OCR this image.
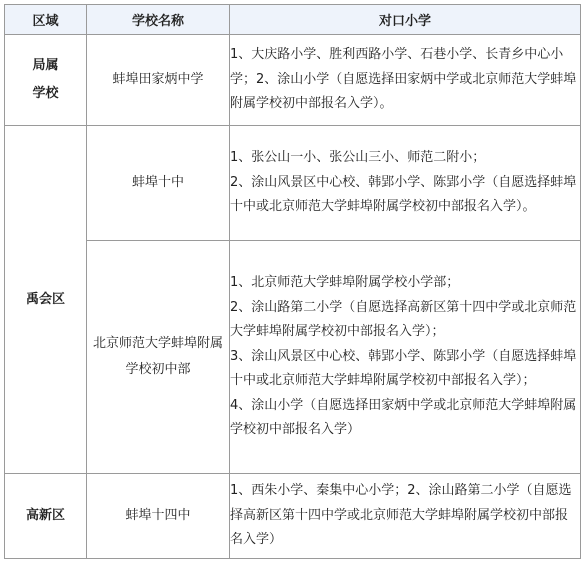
区域	学校名称	对口小学
局属
学校	蚌埠田家炳中学	1、大庆路小学、胜利西路小学、石巷小学、长青乡中心小学；2、涂山小学（自愿选择田家炳中学或北京师范大学蚌埠附属学校初中部报名入学）。

禹会区	蚌埠十中	1、张公山一小、张公山三小、师范二附小；

2、涂山风景区中心校、韩郢小学、陈郢小学（自愿选择蚌埠十中或北京师范大学蚌埠附属学校初中部报名入学）。

	北京师范大学蚌埠附属学校初中部	1、北京师范大学蚌埠附属学校小学部；

2、涂山路第二小学（自愿选择高新区第十四中学或北京师范大学蚌埠附属学校初中部报名入学）；

3、涂山风景区中心校、韩郢小学、陈郢小学（自愿选择蚌埠十中或北京师范大学蚌埠附属学校初中部报名入学）；

4、涂山小学（自愿选择田家炳中学或北京师范大学蚌埠附属学校初中部报名入学）

高新区	蚌埠十四中	1、西朱小学、秦集中心小学；2、涂山路第二小学（自愿选择高新区第十四中学或北京师范大学蚌埠附属学校初中部报名入学）
